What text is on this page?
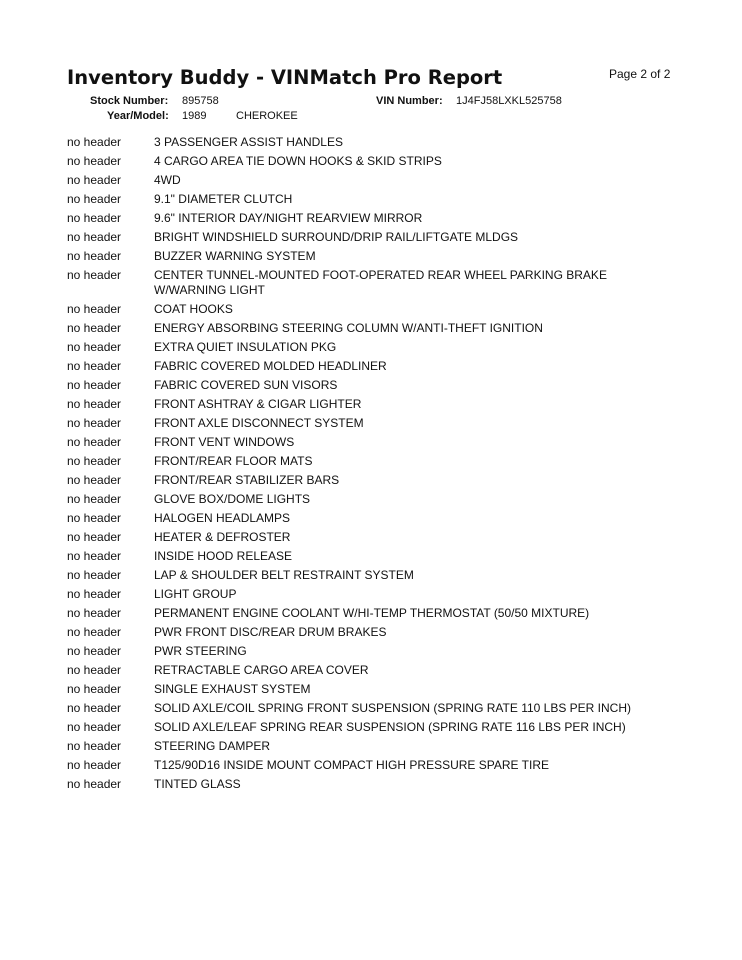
Inventory Buddy - VINMatch Pro Report	Page 2 of 2
Stock Number: 895758	VIN Number: 1J4FJ58LXKL525758
Year/Model: 1989	CHEROKEE
no header	3 PASSENGER ASSIST HANDLES
no header	4 CARGO AREA TIE DOWN HOOKS & SKID STRIPS
no header	4WD
no header	9.1" DIAMETER CLUTCH
no header	9.6" INTERIOR DAY/NIGHT REARVIEW MIRROR
no header	BRIGHT WINDSHIELD SURROUND/DRIP RAIL/LIFTGATE MLDGS
no header	BUZZER WARNING SYSTEM
no header	CENTER TUNNEL-MOUNTED FOOT-OPERATED REAR WHEEL PARKING BRAKE W/WARNING LIGHT
no header	COAT HOOKS
no header	ENERGY ABSORBING STEERING COLUMN W/ANTI-THEFT IGNITION
no header	EXTRA QUIET INSULATION PKG
no header	FABRIC COVERED MOLDED HEADLINER
no header	FABRIC COVERED SUN VISORS
no header	FRONT ASHTRAY & CIGAR LIGHTER
no header	FRONT AXLE DISCONNECT SYSTEM
no header	FRONT VENT WINDOWS
no header	FRONT/REAR FLOOR MATS
no header	FRONT/REAR STABILIZER BARS
no header	GLOVE BOX/DOME LIGHTS
no header	HALOGEN HEADLAMPS
no header	HEATER & DEFROSTER
no header	INSIDE HOOD RELEASE
no header	LAP & SHOULDER BELT RESTRAINT SYSTEM
no header	LIGHT GROUP
no header	PERMANENT ENGINE COOLANT W/HI-TEMP THERMOSTAT (50/50 MIXTURE)
no header	PWR FRONT DISC/REAR DRUM BRAKES
no header	PWR STEERING
no header	RETRACTABLE CARGO AREA COVER
no header	SINGLE EXHAUST SYSTEM
no header	SOLID AXLE/COIL SPRING FRONT SUSPENSION (SPRING RATE 110 LBS PER INCH)
no header	SOLID AXLE/LEAF SPRING REAR SUSPENSION (SPRING RATE 116 LBS PER INCH)
no header	STEERING DAMPER
no header	T125/90D16 INSIDE MOUNT COMPACT HIGH PRESSURE SPARE TIRE
no header	TINTED GLASS
